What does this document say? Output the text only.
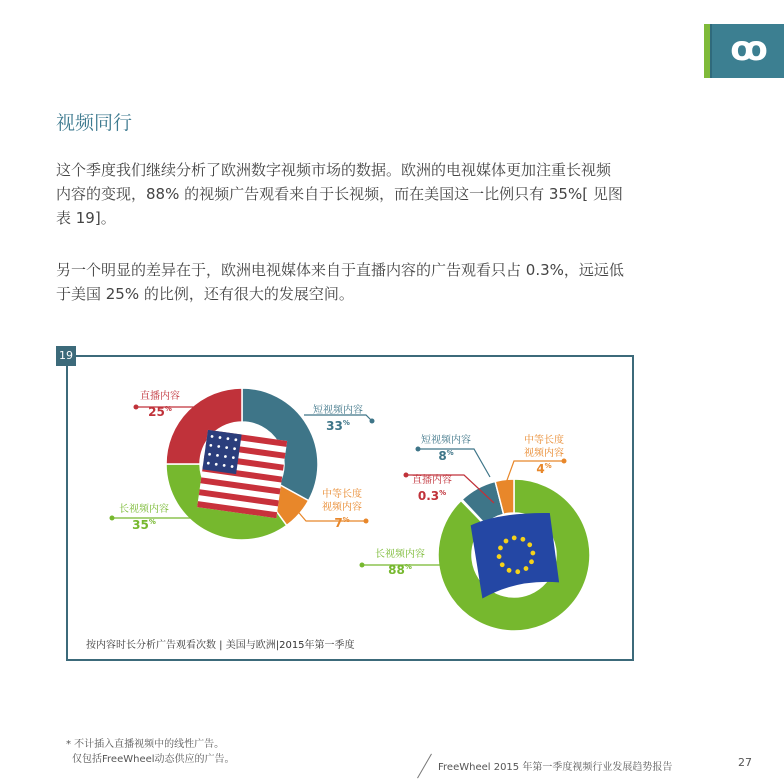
ꝏ
视频同行
这个季度我们继续分析了欧洲数字视频市场的数据。欧洲的电视媒体更加注重长视频
内容的变现，88% 的视频广告观看来自于长视频，而在美国这一比例只有 35%[ 见图
表 19]。
另一个明显的差异在于，欧洲电视媒体来自于直播内容的广告观看只占 0.3%，远远低
于美国 25% 的比例，还有很大的发展空间。
19
短视频内容
33%
中等长度
视频内容
7%
长视频内容
35%
直播内容
25%
长视频内容
88%
直播内容
0.3%
短视频内容
8%
中等长度
视频内容
4%
按内容时长分析广告观看次数 | 美国与欧洲|2015年第一季度
* 不计插入直播视频中的线性广告。
仅包括FreeWheel动态供应的广告。
FreeWheel 2015 年第一季度视频行业发展趋势报告	27
